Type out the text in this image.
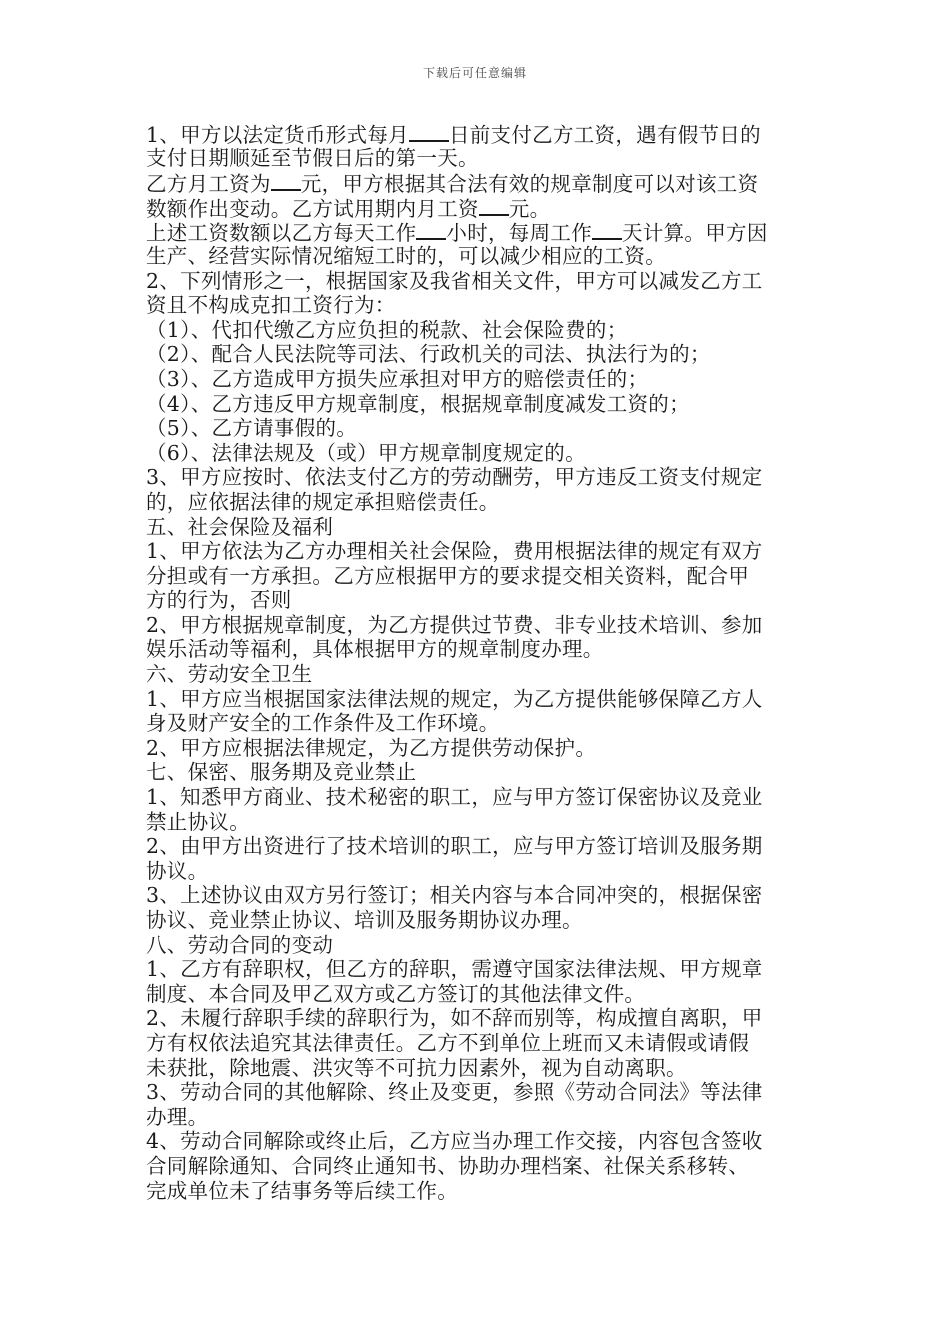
下载后可任意编辑
1、甲方以法定货币形式每月 日前支付乙方工资，遇有假节日的
支付日期顺延至节假日后的第一天。
乙方月工资为 元，甲方根据其合法有效的规章制度可以对该工资
数额作出变动。乙方试用期内月工资 元。
上述工资数额以乙方每天工作 小时，每周工作 天计算。甲方因
生产、经营实际情况缩短工时的，可以减少相应的工资。
2、下列情形之一，根据国家及我省相关文件，甲方可以减发乙方工
资且不构成克扣工资行为：
（1）、代扣代缴乙方应负担的税款、社会保险费的；
（2）、配合人民法院等司法、行政机关的司法、执法行为的；
（3）、乙方造成甲方损失应承担对甲方的赔偿责任的；
（4）、乙方违反甲方规章制度，根据规章制度减发工资的；
（5）、乙方请事假的。
（6）、法律法规及（或）甲方规章制度规定的。
3、甲方应按时、依法支付乙方的劳动酬劳，甲方违反工资支付规定
的，应依据法律的规定承担赔偿责任。
五、社会保险及福利
1、甲方依法为乙方办理相关社会保险，费用根据法律的规定有双方
分担或有一方承担。乙方应根据甲方的要求提交相关资料，配合甲
方的行为，否则
2、甲方根据规章制度，为乙方提供过节费、非专业技术培训、参加
娱乐活动等福利，具体根据甲方的规章制度办理。
六、劳动安全卫生
1、甲方应当根据国家法律法规的规定，为乙方提供能够保障乙方人
身及财产安全的工作条件及工作环境。
2、甲方应根据法律规定，为乙方提供劳动保护。
七、保密、服务期及竞业禁止
1、知悉甲方商业、技术秘密的职工，应与甲方签订保密协议及竞业
禁止协议。
2、由甲方出资进行了技术培训的职工，应与甲方签订培训及服务期
协议。
3、上述协议由双方另行签订；相关内容与本合同冲突的，根据保密
协议、竞业禁止协议、培训及服务期协议办理。
八、劳动合同的变动
1、乙方有辞职权，但乙方的辞职，需遵守国家法律法规、甲方规章
制度、本合同及甲乙双方或乙方签订的其他法律文件。
2、未履行辞职手续的辞职行为，如不辞而别等，构成擅自离职，甲
方有权依法追究其法律责任。乙方不到单位上班而又未请假或请假
未获批，除地震、洪灾等不可抗力因素外，视为自动离职。
3、劳动合同的其他解除、终止及变更，参照《劳动合同法》等法律
办理。
4、劳动合同解除或终止后，乙方应当办理工作交接，内容包含签收
合同解除通知、合同终止通知书、协助办理档案、社保关系移转、
完成单位未了结事务等后续工作。
